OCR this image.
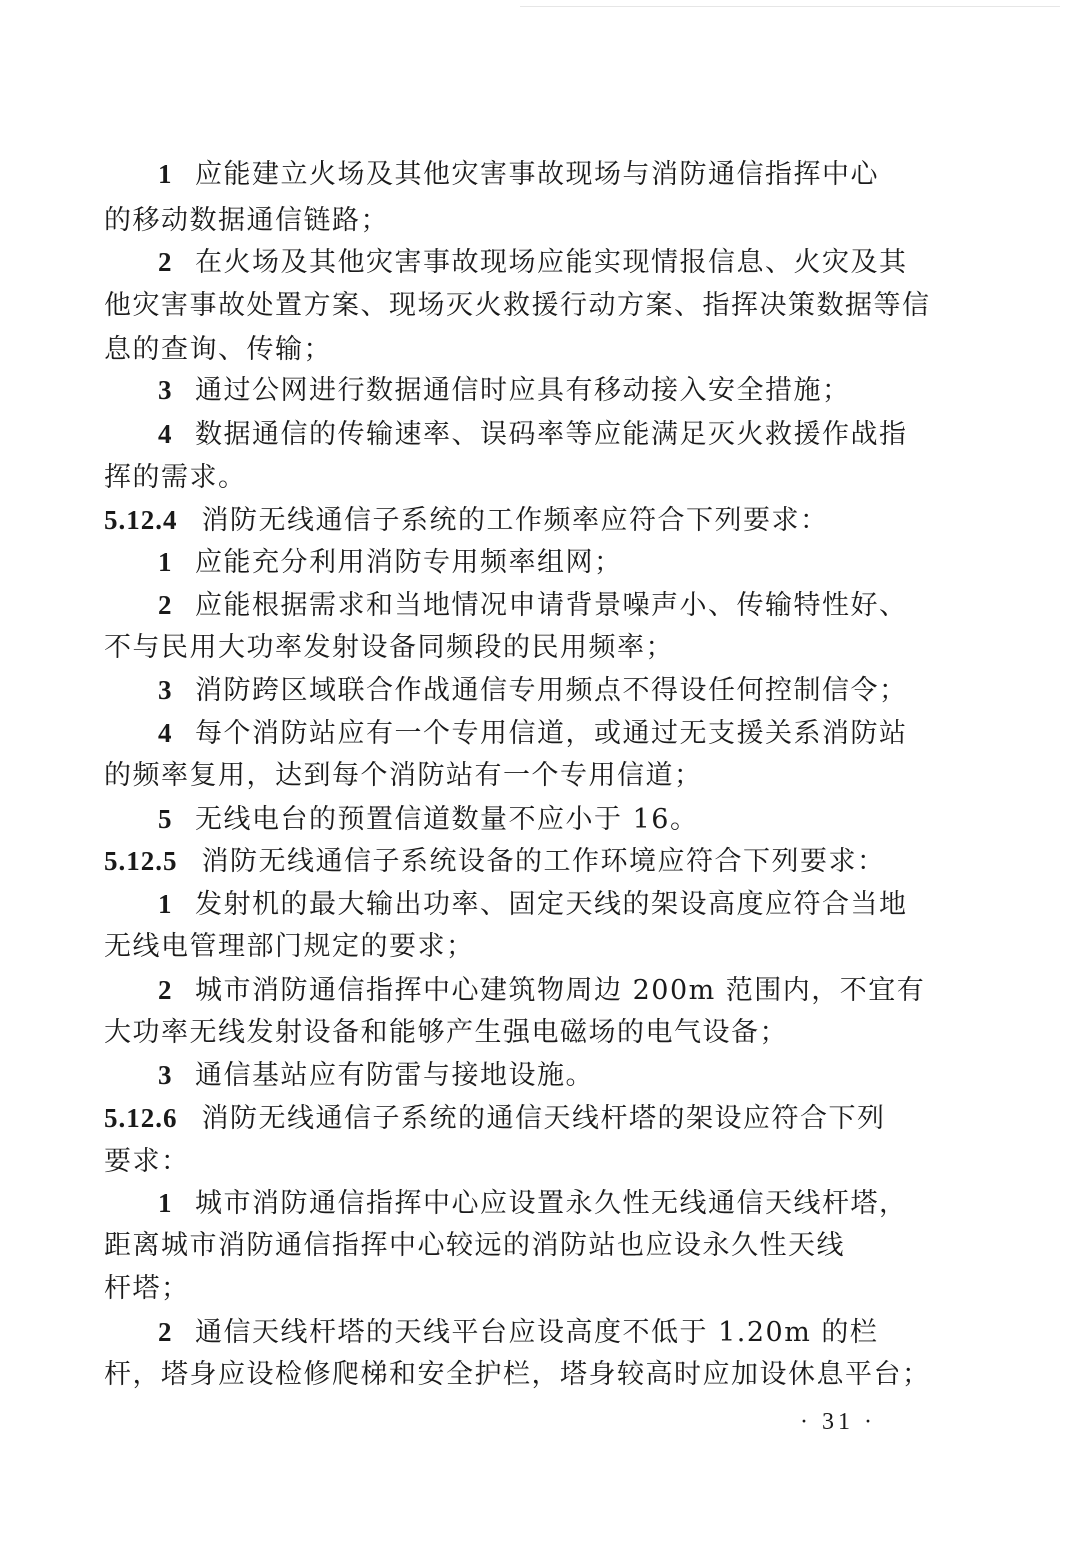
1 应能建立火场及其他灾害事故现场与消防通信指挥中心
的移动数据通信链路；
2 在火场及其他灾害事故现场应能实现情报信息、火灾及其
他灾害事故处置方案、现场灭火救援行动方案、指挥决策数据等信
息的查询、传输；
3 通过公网进行数据通信时应具有移动接入安全措施；
4 数据通信的传输速率、误码率等应能满足灭火救援作战指
挥的需求。
5.12.4 消防无线通信子系统的工作频率应符合下列要求：
1 应能充分利用消防专用频率组网；
2 应能根据需求和当地情况申请背景噪声小、传输特性好、
不与民用大功率发射设备同频段的民用频率；
3 消防跨区域联合作战通信专用频点不得设任何控制信令；
4 每个消防站应有一个专用信道，或通过无支援关系消防站
的频率复用，达到每个消防站有一个专用信道；
5 无线电台的预置信道数量不应小于 16。
5.12.5 消防无线通信子系统设备的工作环境应符合下列要求：
1 发射机的最大输出功率、固定天线的架设高度应符合当地
无线电管理部门规定的要求；
2 城市消防通信指挥中心建筑物周边 200m 范围内，不宜有
大功率无线发射设备和能够产生强电磁场的电气设备；
3 通信基站应有防雷与接地设施。
5.12.6 消防无线通信子系统的通信天线杆塔的架设应符合下列
要求：
1 城市消防通信指挥中心应设置永久性无线通信天线杆塔，
距离城市消防通信指挥中心较远的消防站也应设永久性天线
杆塔；
2 通信天线杆塔的天线平台应设高度不低于 1.20m 的栏
杆，塔身应设检修爬梯和安全护栏，塔身较高时应加设休息平台；
· 31 ·
